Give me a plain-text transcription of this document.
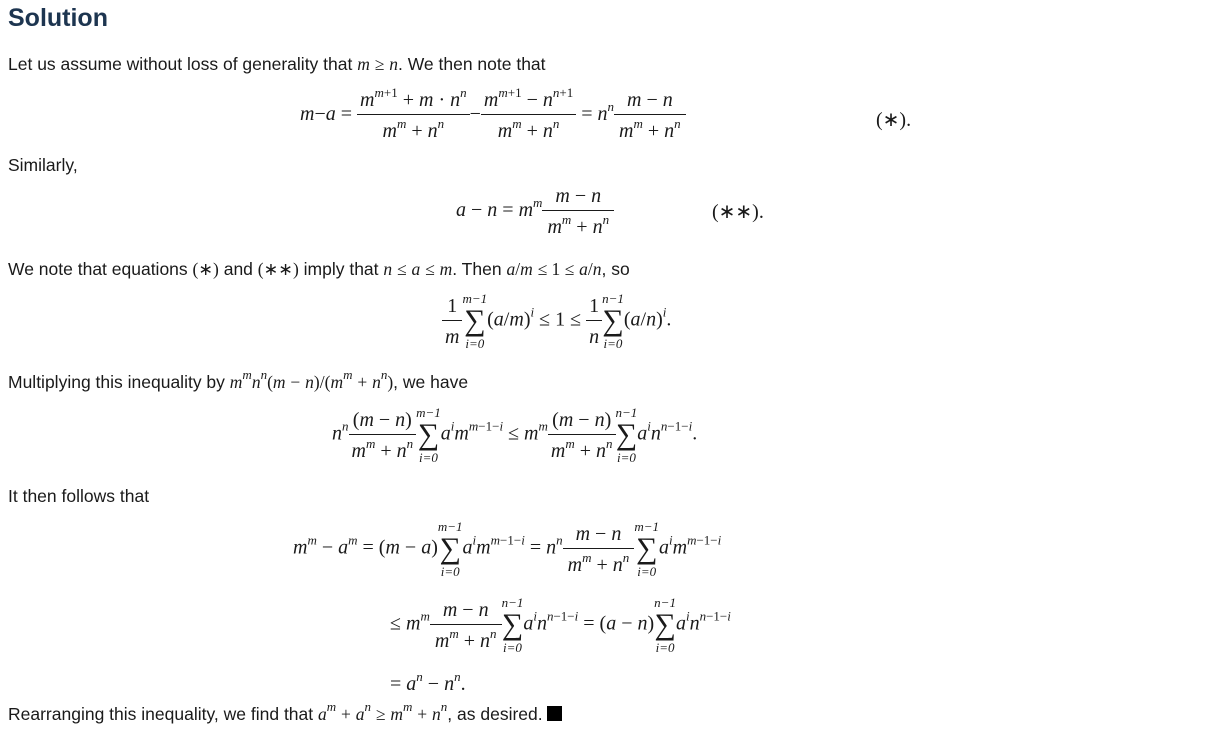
Solution
Let us assume without loss of generality that m ≥ n. We then note that
$m-a = \frac{m^{m+1} + m \cdot n^n}{m^m + n^n} - \frac{m^{m+1} - n^{n+1}}{m^m + n^n} = n^n \frac{m - n}{m^m + n^n}$	(∗).
Similarly,
$a - n = m^m \frac{m - n}{m^m + n^n}$	(∗∗).
We note that equations (∗) and (∗∗) imply that n ≤ a ≤ m. Then a/m ≤ 1 ≤ a/n, so
$\frac{1}{m} m-1$
∑
i=0
$(a/m)^i \le 1 \le \frac{1}{n} n-1$
∑
i=0
$(a/n)^i$.
Multiplying this inequality by $m^mn^n(m - n)/(m^m + n^n)$, we have
$n^n \frac{(m - n)}{m^m + n^n} m-1$
∑
i=0
$a^im^{m-1-i} \le m^m \frac{(m - n)}{m^m + n^n} n-1$
∑
i=0
$a^in^{n-1-i}$.
It then follows that
$m^m - a^m = (m - a)$
m−1
∑
i=0
$a^im^{m-1-i} = n^n \frac{m - n}{m^m + n^n} m-1$
∑
i=0
$a^im^{m-1-i}$
≤ $m^m \frac{m - n}{m^m + n^n} n-1$
∑
i=0
$a^in^{n-1-i} = (a - n)$
n−1
∑
i=0
$a^in^{n-1-i}$
= $a^n - n^n$.
Rearranging this inequality, we find that $a^m + a^n \ge m^m + n^n$, as desired.
